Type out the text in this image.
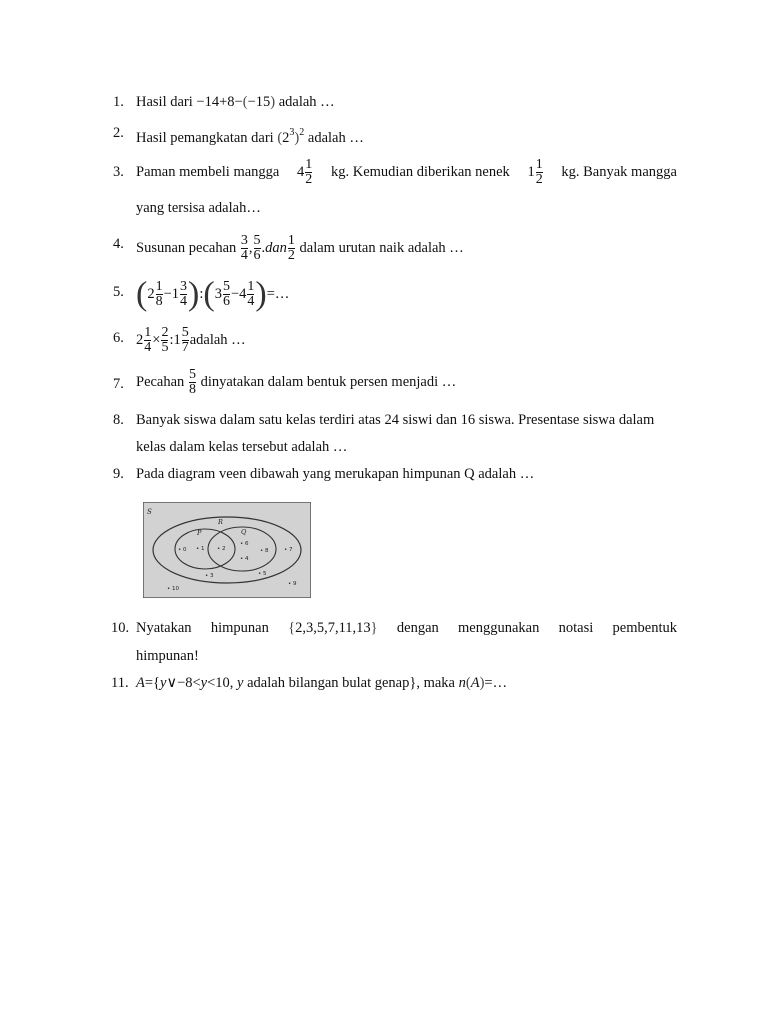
1. Hasil dari −14+8−(−15) adalah …
2. Hasil pemangkatan dari $(2^3)^2$ adalah …
3. Paman membeli mangga $4 \frac{1}{2}$ kg. Kemudian diberikan nenek $1 \frac{1}{2}$ kg. Banyak mangga
yang tersisa adalah…
4. Susunan pecahan $\frac{3}{4}$ , $\frac{5}{6} .dan \frac{1}{2}$ dalam urutan naik adalah …
5. ($2 \frac{1}{8} -1 \frac{3}{4}$ ):(3 $\frac{5}{6} -4 \frac{1}{4}$ )=…
6. $2 \frac{1}{4} \times \frac{2}{5}$ :1 $\frac{5}{7}$ adalah …
7. Pecahan $\frac{5}{8}$ dinyatakan dalam bentuk persen menjadi …
8. Banyak siswa dalam satu kelas terdiri atas 24 siswi dan 16 siswa. Presentase siswa dalam
kelas dalam kelas tersebut adalah …
9. Pada diagram veen dibawah yang merukapan himpunan Q adalah …
S
R
P	Q
• 0 • 1 • 2
• 6
• 8
• 4
• 7
• 3	• 5
• 10
• 9
10. Nyatakan himpunan {2,3,5,7,11,13} dengan menggunakan notasi pembentuk
himpunan!
11. A={y∨−8<y<10, y adalah bilangan bulat genap}, maka n(A)=…
